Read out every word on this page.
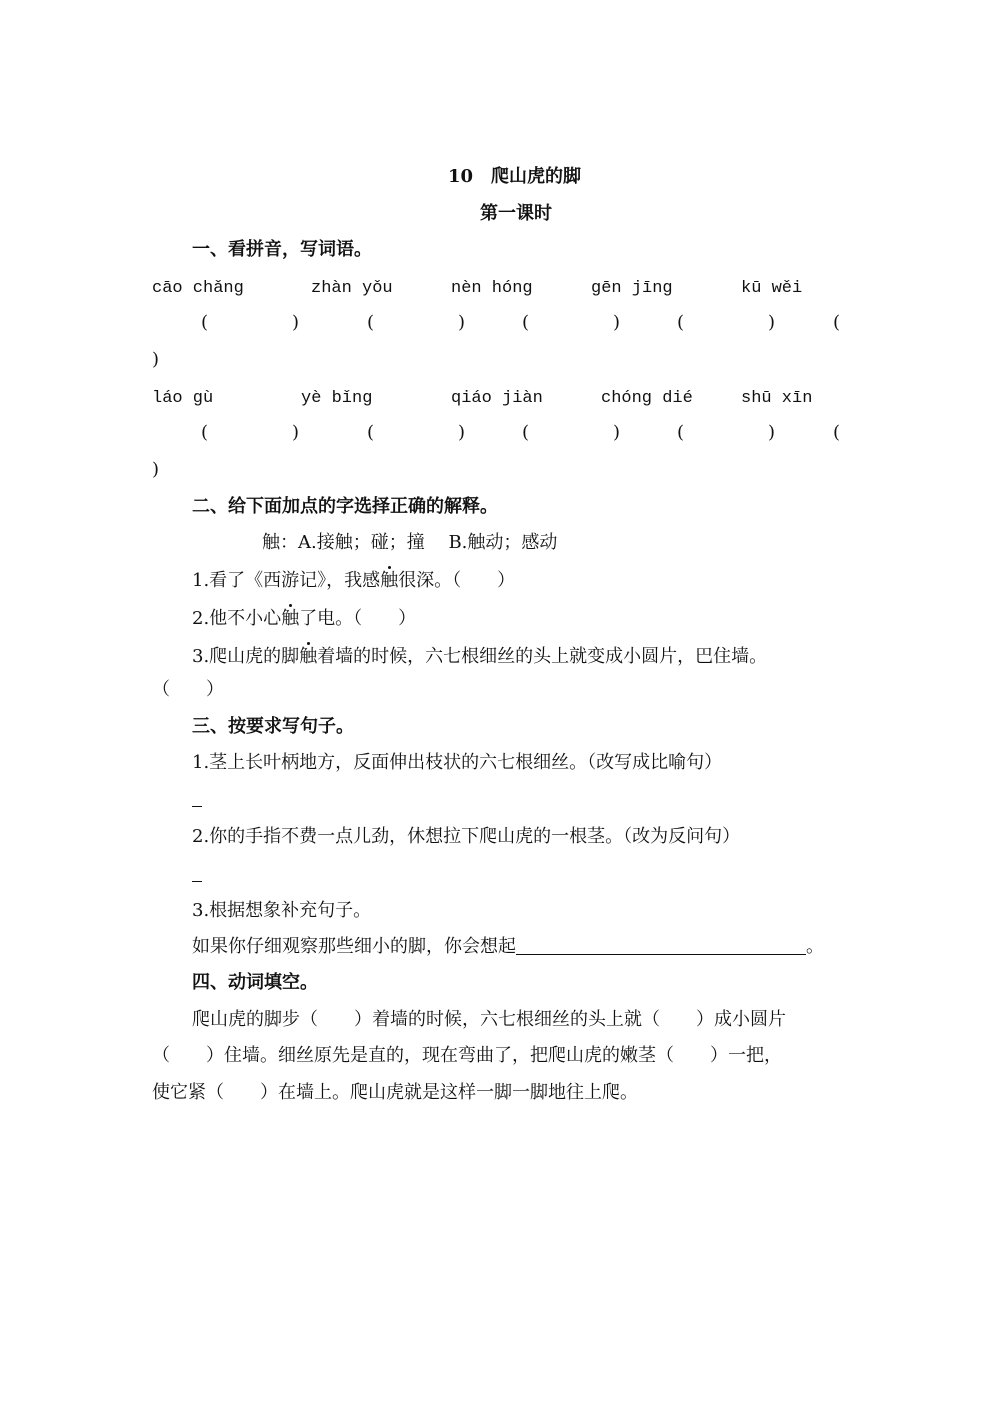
10　爬山虎的脚
第一课时
一、看拼音，写词语。
cāo chǎng	zhàn yǒu	nèn hóng	gēn jīng	kū wěi
(	)	(	)	(	)	(	)	(
)
láo gù	yè bǐng	qiáo jiàn	chóng dié	shū xīn
(	)	(	)	(	)	(	)	(
)
二、给下面加点的字选择正确的解释。
触：A.接触；碰；撞　 B.触动；感动
1.看了《西游记》，我感触很深。（　　）
2.他不小心触了电。（　　）
3.爬山虎的脚触着墙的时候，六七根细丝的头上就变成小圆片，巴住墙。
（　　）
三、按要求写句子。
1.茎上长叶柄地方，反面伸出枝状的六七根细丝。（改写成比喻句）
2.你的手指不费一点儿劲，休想拉下爬山虎的一根茎。（改为反问句）
3.根据想象补充句子。
如果你仔细观察那些细小的脚，你会想起	。
四、动词填空。
爬山虎的脚步（　　）着墙的时候，六七根细丝的头上就（　　）成小圆片
（　　）住墙。细丝原先是直的，现在弯曲了，把爬山虎的嫩茎（　　）一把，
使它紧（　　）在墙上。爬山虎就是这样一脚一脚地往上爬。
